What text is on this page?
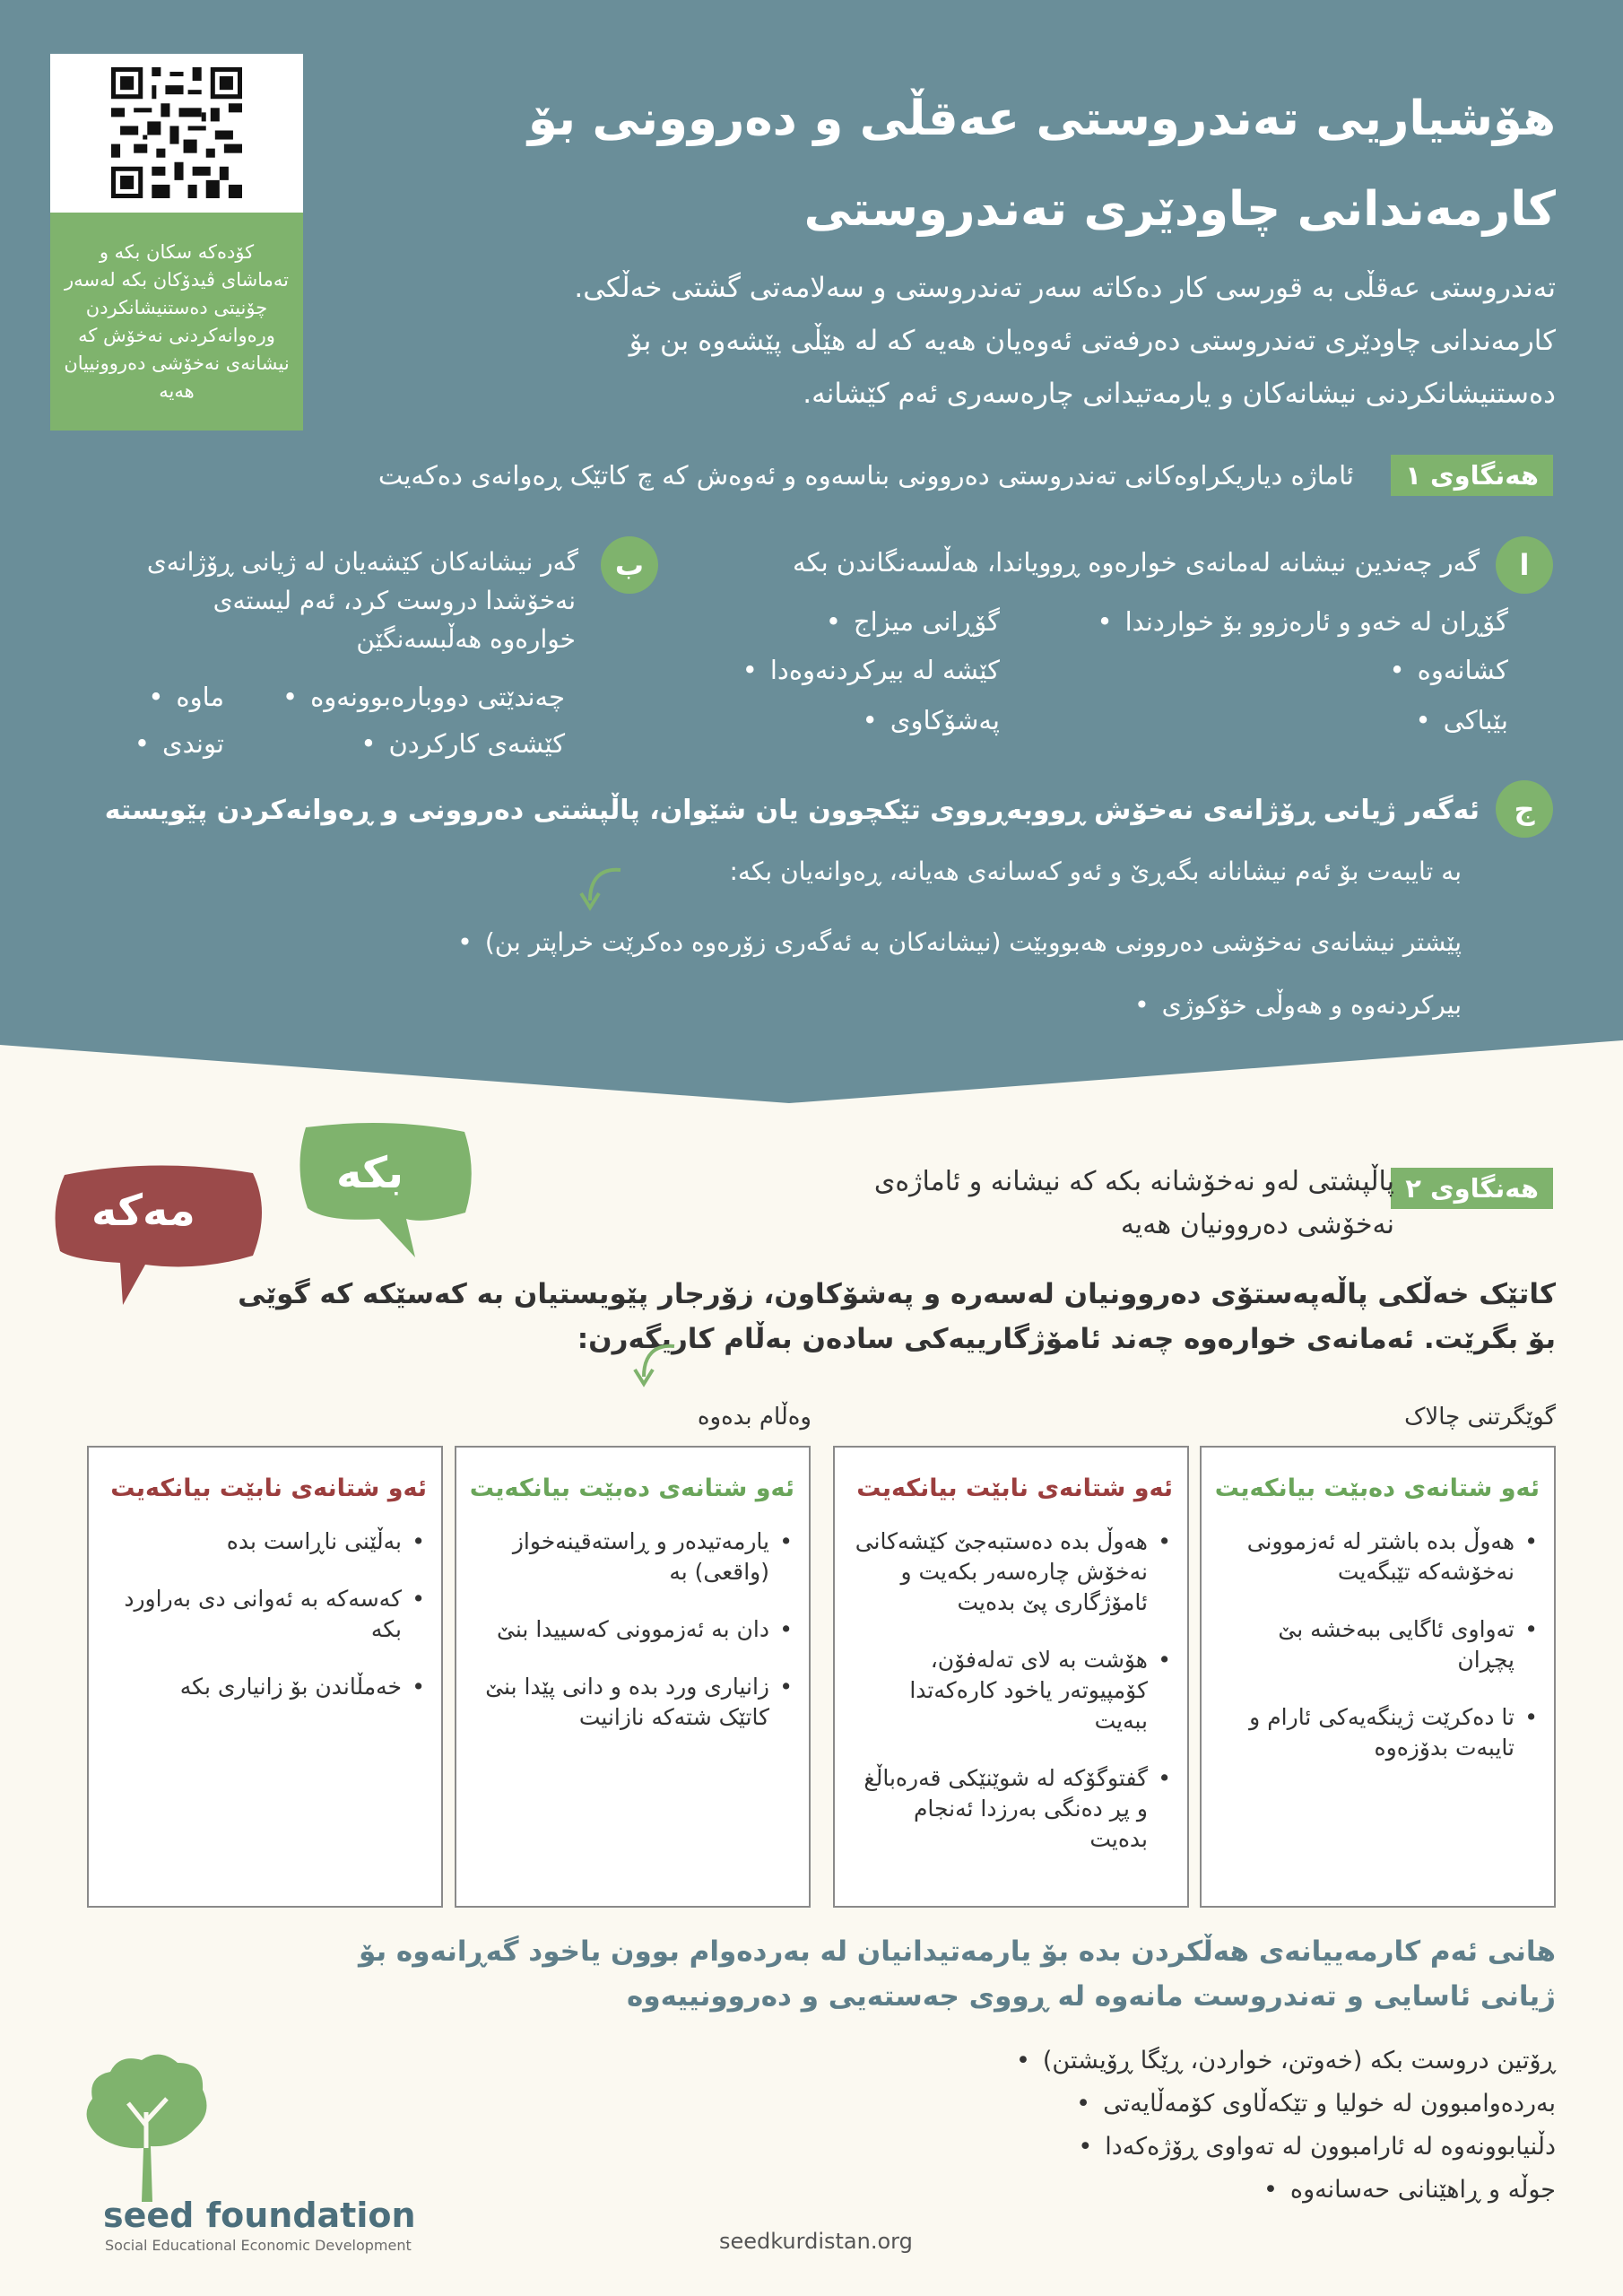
کۆدەکە سکان بکە و تەماشای ڤیدۆکان بکە لەسەر چۆنیتی دەستنیشانکردن ورەوانەکردنی نەخۆش کە نیشانەی نەخۆشی دەروونییان هەیە
هۆشیاریی تەندروستی عەقڵی و دەروونی بۆ
کارمەندانی چاودێری تەندروستی
تەندروستی عەقڵی بە قورسی کار دەکاتە سەر تەندروستی و سەلامەتی گشتی خەڵکی.
کارمەندانی چاودێری تەندروستی دەرفەتی ئەوەیان هەیە کە لە هێڵی پێشەوە بن بۆ
دەستنیشانکردنی نیشانەکان و یارمەتیدانی چارەسەری ئەم کێشانە.
هەنگاوی ١
ئاماژە دیاریکراوەکانی تەندروستی دەروونی بناسەوە و ئەوەش کە چ کاتێک ڕەوانەی دەکەیت
ا
گەر چەندین نیشانە لەمانەی خوارەوە ڕوویاندا، هەڵسەنگاندن بکە
گۆڕان لە خەو و ئارەزوو بۆ خواردندا •
گۆڕانی میزاج •
کشانەوە •
کێشە لە بیرکردنەوەدا •
بێباکی •
پەشۆکاوی •
ب
گەر نیشانەکان کێشەیان لە ژیانی ڕۆژانەی
نەخۆشدا دروست کرد، ئەم لیستەی
خوارەوە هەڵبسەنگێن
چەندێتی دووبارەبوونەوە •
ماوە •
کێشەی کارکردن •
توندی •
ج
ئەگەر ژیانی ڕۆژانەی نەخۆش ڕووبەڕووی تێکچوون یان شێوان، پاڵپشتی دەروونی و ڕەوانەکردن پێویستە
بە تایبەت بۆ ئەم نیشانانە بگەڕێ و ئەو کەسانەی هەیانە، ڕەوانەیان بکە:
پێشتر نیشانەی نەخۆشی دەروونی هەبووبێت (نیشانەکان بە ئەگەری زۆرەوە دەکرێت خراپتر بن) •
بیرکردنەوە و هەوڵی خۆکوژی •
مەکە
بکە	هەنگاوی ٢
پاڵپشتی لەو نەخۆشانە بکە کە نیشانە و ئاماژەی
نەخۆشی دەروونیان هەیە
کاتێک خەڵکی پاڵەپەستۆی دەروونیان لەسەرە و پەشۆکاون، زۆرجار پێویستیان بە کەسێکە کە گوێی
بۆ بگرێت. ئەمانەی خوارەوە چەند ئامۆژگارییەکی سادەن بەڵام کاریگەرن:
گوێگرتنی چالاک
وەڵام بدەوە
ئەو شتانەی دەبێت بیانکەیت
• هەوڵ بدە باشتر لە ئەزموونی نەخۆشەکە تێبگەیت
• تەواوی ئاگایی ببەخشە بێ پچڕان
• تا دەکرێت ژینگەیەکی ئارام و تایبەت بدۆزەوە
ئەو شتانەی نابێت بیانکەیت
• هەوڵ بدە دەستبەجێ کێشەکانی نەخۆش چارەسەر بکەیت و ئامۆژگاری پێ بدەیت
• هۆشت بە لای تەلەفۆن، کۆمپیوتەر یاخود کارەکەتدا ببەیت
• گفتوگۆکە لە شوێنێکی قەرەباڵغ و پڕ دەنگی بەرزدا ئەنجام بدەیت
ئەو شتانەی دەبێت بیانکەیت
• یارمەتیدەر و ڕاستەقینەخواز (واقعی) بە
• دان بە ئەزموونی کەسییدا بنێ
• زانیاری ورد بدە و دانی پێدا بنێ کاتێک شتەکە نازانیت
ئەو شتانەی نابێت بیانکەیت
• بەڵێنی ناڕاست بدە
• کەسەکە بە ئەوانی دی بەراورد بکە
• خەمڵاندن بۆ زانیاری بکە
هانی ئەم کارمەییانەی هەڵکردن بدە بۆ یارمەتیدانیان لە بەردەوام بوون یاخود گەڕانەوە بۆ
ژیانی ئاسایی و تەندروست مانەوە لە ڕووی جەستەیی و دەروونییەوە
ڕۆتین دروست بکە (خەوتن، خواردن، ڕێگا ڕۆیشتن) •
بەردەوامبوون لە خولیا و تێکەڵاوی کۆمەڵایەتی •
دڵنیابوونەوە لە ئارامبوون لە تەواوی ڕۆژەکەدا •
جوڵە و ڕاهێنانی حەسانەوە •
seed foundation
Social Educational Economic Development	seedkurdistan.org
